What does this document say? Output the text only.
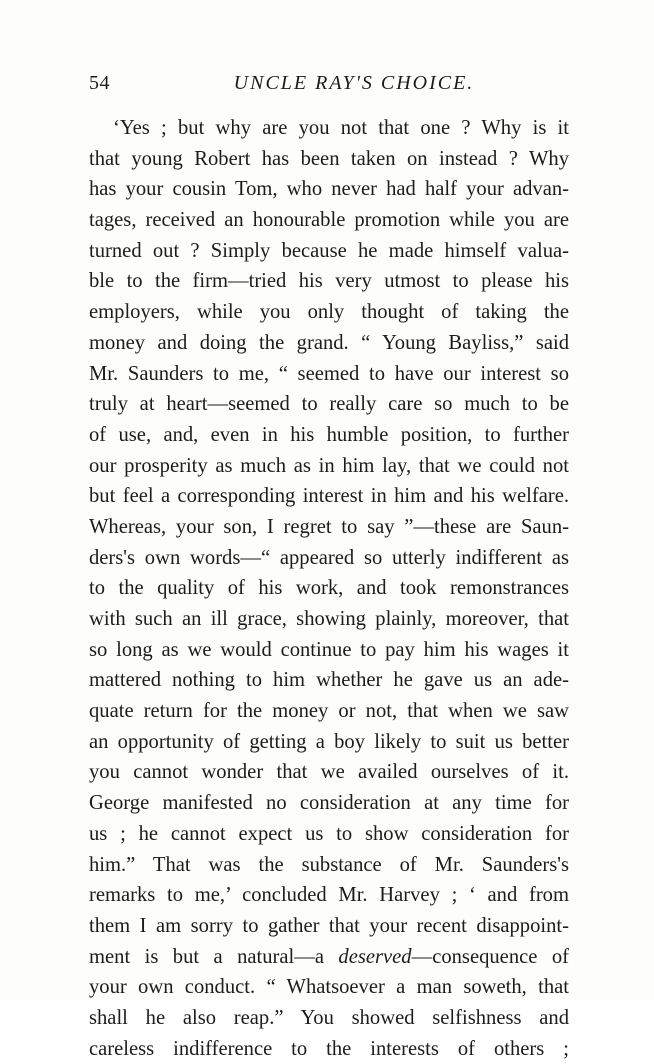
54	UNCLE RAY'S CHOICE.
‘Yes ; but why are you not that one ? Why is it
that young Robert has been taken on instead ? Why
has your cousin Tom, who never had half your advan-
tages, received an honourable promotion while you are
turned out ? Simply because he made himself valua-
ble to the firm—tried his very utmost to please his
employers, while you only thought of taking the
money and doing the grand. “ Young Bayliss,” said
Mr. Saunders to me, “ seemed to have our interest so
truly at heart—seemed to really care so much to be
of use, and, even in his humble position, to further
our prosperity as much as in him lay, that we could not
but feel a corresponding interest in him and his welfare.
Whereas, your son, I regret to say ”—these are Saun-
ders's own words—“ appeared so utterly indifferent as
to the quality of his work, and took remonstrances
with such an ill grace, showing plainly, moreover, that
so long as we would continue to pay him his wages it
mattered nothing to him whether he gave us an ade-
quate return for the money or not, that when we saw
an opportunity of getting a boy likely to suit us better
you cannot wonder that we availed ourselves of it.
George manifested no consideration at any time for
us ; he cannot expect us to show consideration for
him.” That was the substance of Mr. Saunders's
remarks to me,’ concluded Mr. Harvey ; ‘ and from
them I am sorry to gather that your recent disappoint-
ment is but a natural—a deserved—consequence of
your own conduct. “ Whatsoever a man soweth, that
shall he also reap.” You showed selfishness and
careless indifference to the interests of others ;
